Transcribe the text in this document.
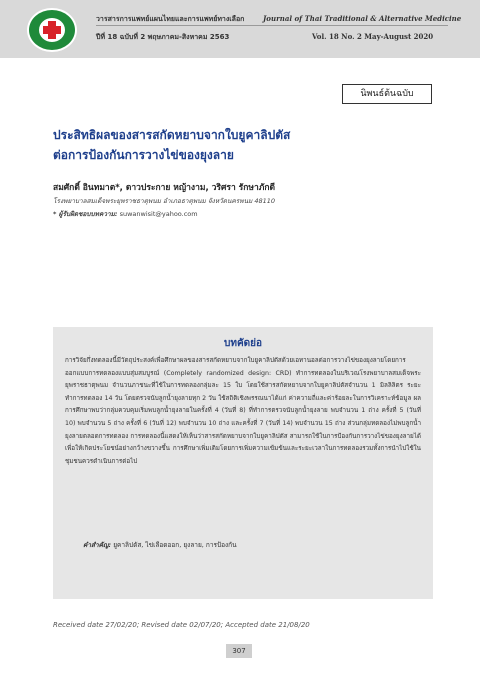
วารสารการแพทย์แผนไทยและการแพทย์ทางเลือก	Journal of Thai Traditional & Alternative Medicine
ปีที่ 18 ฉบับที่ 2 พฤษภาคม-สิงหาคม 2563	Vol. 18 No. 2 May-August 2020
นิพนธ์ต้นฉบับ
ประสิทธิผลของสารสกัดหยาบจากใบยูคาลิปตัส
ต่อการป้องกันการวางไข่ของยุงลาย
สมศักดิ์ อินทมาต*, ดาวประกาย หญ้างาม, วริศรา รักษาภักดี
โรงพยาบาลสมเด็จพระยุพราชธาตุพนม อำเภอธาตุพนม จังหวัดนครพนม 48110
* ผู้รับผิดชอบบทความ: suwanwisit@yahoo.com
บทคัดย่อ
การวิจัยกึ่งทดลองนี้มีวัตถุประสงค์เพื่อศึกษาผลของสารสกัดหยาบจากใบยูคาลิปตัสด้วยเอทานอลต่อการวางไข่ของยุงลายโดยการออกแบบการทดลองแบบสุ่มสมบูรณ์ (Completely randomized design: CRD) ทำการทดลองในบริเวณโรงพยาบาลสมเด็จพระยุพราชธาตุพนม จำนวนภาชนะที่ใช้ในการทดลองกลุ่มละ 15 ใบ โดยใช้สารสกัดหยาบจากใบยูคาลิปตัสจำนวน 1 มิลลิลิตร ระยะทำการทดลอง 14 วัน โดยตรวจนับลูกน้ำยุงลายทุก 2 วัน ใช้สถิติเชิงพรรณนาได้แก่ ค่าความถี่และค่าร้อยละในการวิเคราะห์ข้อมูล ผลการศึกษาพบว่ากลุ่มควบคุมเริ่มพบลูกน้ำยุงลายในครั้งที่ 4 (วันที่ 8) ที่ทำการตรวจนับลูกน้ำยุงลาย พบจำนวน 1 ถ่าง ครั้งที่ 5 (วันที่ 10) พบจำนวน 5 ถ่าง ครั้งที่ 6 (วันที่ 12) พบจำนวน 10 ถ่าง และครั้งที่ 7 (วันที่ 14) พบจำนวน 15 ถ่าง ส่วนกลุ่มทดลองไม่พบลูกน้ำยุงลายตลอดการทดลอง การทดลองนี้แสดงให้เห็นว่าสารสกัดหยาบจากใบยูคาลิปตัส สามารถใช้ในการป้องกันการวางไข่ของยุงลายได้ เพื่อให้เกิดประโยชน์อย่างกว้างขวางขึ้น การศึกษาเพิ่มเติมโดยการเพิ่มความเข้มข้นและระยะเวลาในการทดลองรวมทั้งการนำไปใช้ในชุมชนควรดำเนินการต่อไป
คำสำคัญ: ยูคาลิปตัส, ไข่เลือดออก, ยุงลาย, การป้องกัน
Received date 27/02/20; Revised date 02/07/20; Accepted date 21/08/20
307
